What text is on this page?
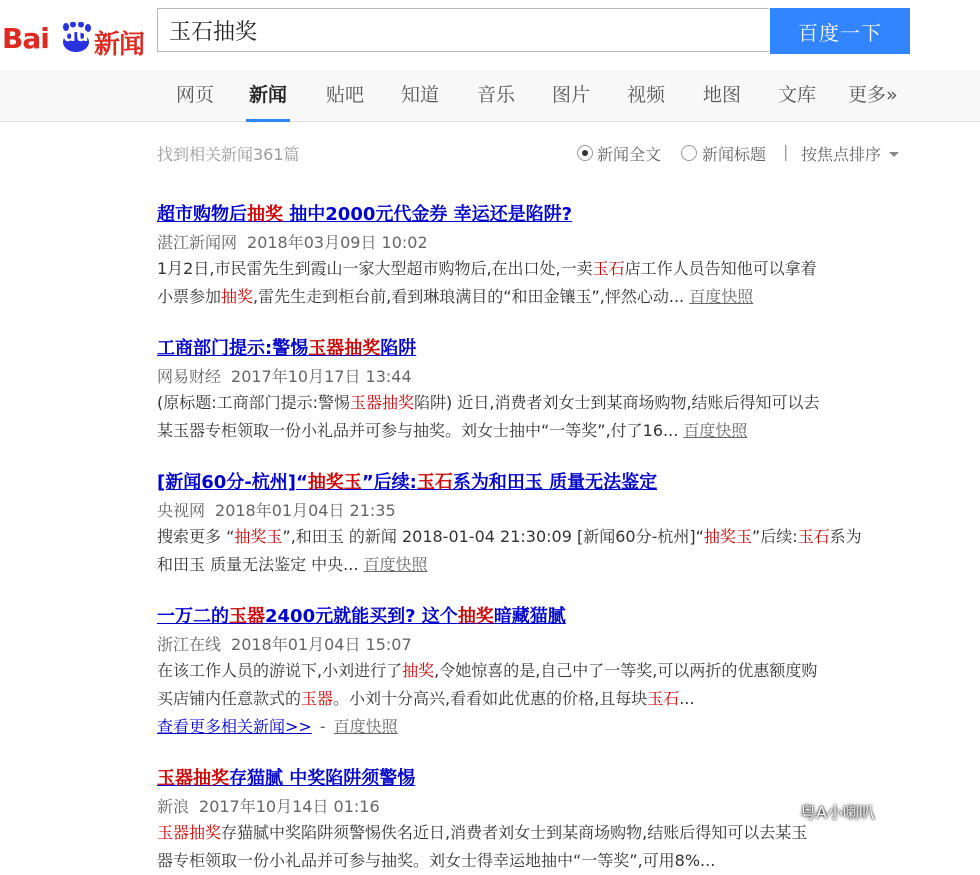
Bai du 新闻
玉石抽奖	百度一下
网页 新闻 贴吧 知道 音乐 图片 视频 地图 文库 更多»
找到相关新闻361篇	新闻全文	新闻标题 | 按焦点排序
超市购物后抽奖 抽中2000元代金券 幸运还是陷阱?
湛江新闻网 2018年03月09日 10:02
1月2日,市民雷先生到霞山一家大型超市购物后,在出口处,一卖玉石店工作人员告知他可以拿着
小票参加抽奖,雷先生走到柜台前,看到琳琅满目的“和田金镶玉”,怦然心动... 百度快照
工商部门提示:警惕玉器抽奖陷阱
网易财经 2017年10月17日 13:44
(原标题:工商部门提示:警惕玉器抽奖陷阱) 近日,消费者刘女士到某商场购物,结账后得知可以去
某玉器专柜领取一份小礼品并可参与抽奖。刘女士抽中“一等奖”,付了16... 百度快照
[新闻60分-杭州]“抽奖玉”后续:玉石系为和田玉 质量无法鉴定
央视网 2018年01月04日 21:35
搜索更多 “抽奖玉”,和田玉 的新闻 2018-01-04 21:30:09 [新闻60分-杭州]“抽奖玉”后续:玉石系为
和田玉 质量无法鉴定 中央... 百度快照
一万二的玉器2400元就能买到? 这个抽奖暗藏猫腻
浙江在线 2018年01月04日 15:07
在该工作人员的游说下,小刘进行了抽奖,令她惊喜的是,自己中了一等奖,可以两折的优惠额度购
买店铺内任意款式的玉器。小刘十分高兴,看看如此优惠的价格,且每块玉石...
查看更多相关新闻>> - 百度快照
玉器抽奖存猫腻 中奖陷阱须警惕
新浪 2017年10月14日 01:16
玉器抽奖存猫腻中奖陷阱须警惕佚名近日,消费者刘女士到某商场购物,结账后得知可以去某玉
器专柜领取一份小礼品并可参与抽奖。刘女士得幸运地抽中“一等奖”,可用8%...
粤A小喇叭
